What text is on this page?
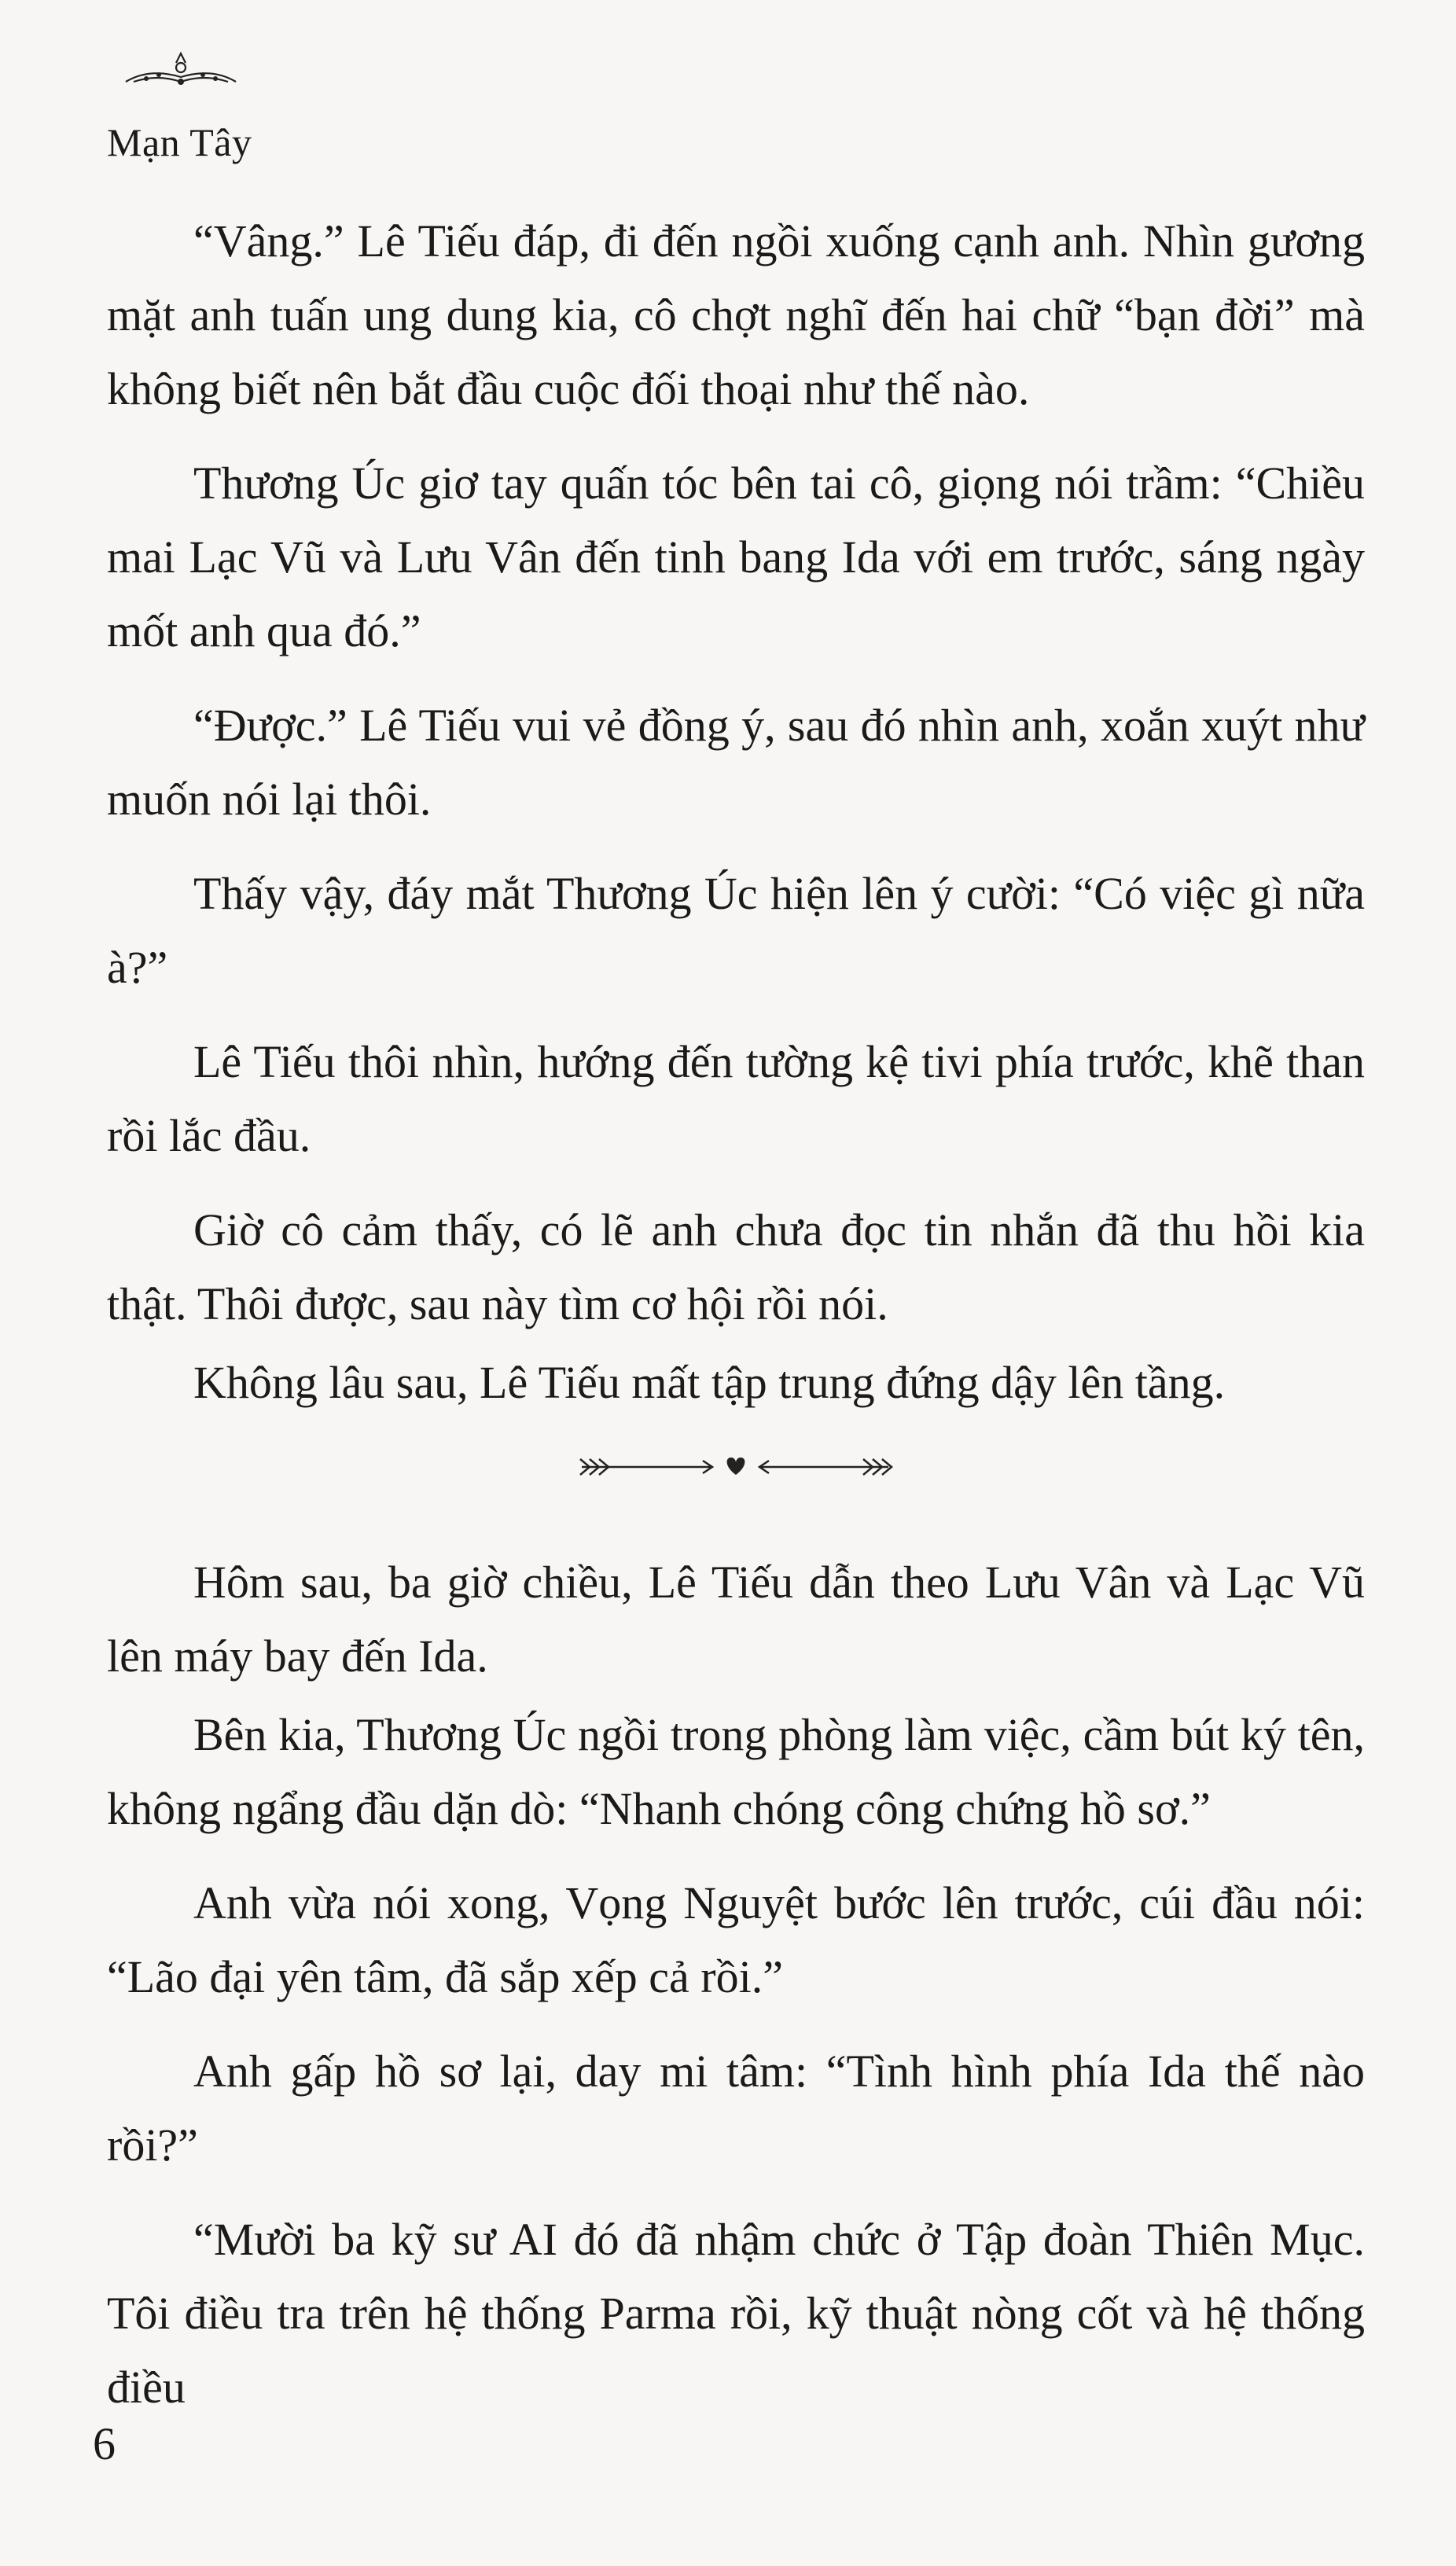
Mạn Tây

“Vâng.” Lê Tiếu đáp, đi đến ngồi xuống cạnh anh. Nhìn gương mặt anh tuấn ung dung kia, cô chợt nghĩ đến hai chữ “bạn đời” mà không biết nên bắt đầu cuộc đối thoại như thế nào.

Thương Úc giơ tay quấn tóc bên tai cô, giọng nói trầm: “Chiều mai Lạc Vũ và Lưu Vân đến tinh bang Ida với em trước, sáng ngày mốt anh qua đó.”

“Được.” Lê Tiếu vui vẻ đồng ý, sau đó nhìn anh, xoắn xuýt như muốn nói lại thôi.

Thấy vậy, đáy mắt Thương Úc hiện lên ý cười: “Có việc gì nữa à?”

Lê Tiếu thôi nhìn, hướng đến tường kệ tivi phía trước, khẽ than rồi lắc đầu.

Giờ cô cảm thấy, có lẽ anh chưa đọc tin nhắn đã thu hồi kia thật. Thôi được, sau này tìm cơ hội rồi nói.

Không lâu sau, Lê Tiếu mất tập trung đứng dậy lên tầng.

Hôm sau, ba giờ chiều, Lê Tiếu dẫn theo Lưu Vân và Lạc Vũ lên máy bay đến Ida.

Bên kia, Thương Úc ngồi trong phòng làm việc, cầm bút ký tên, không ngẩng đầu dặn dò: “Nhanh chóng công chứng hồ sơ.”

Anh vừa nói xong, Vọng Nguyệt bước lên trước, cúi đầu nói: “Lão đại yên tâm, đã sắp xếp cả rồi.”

Anh gấp hồ sơ lại, day mi tâm: “Tình hình phía Ida thế nào rồi?”

“Mười ba kỹ sư AI đó đã nhậm chức ở Tập đoàn Thiên Mục. Tôi điều tra trên hệ thống Parma rồi, kỹ thuật nòng cốt và hệ thống điều

6
